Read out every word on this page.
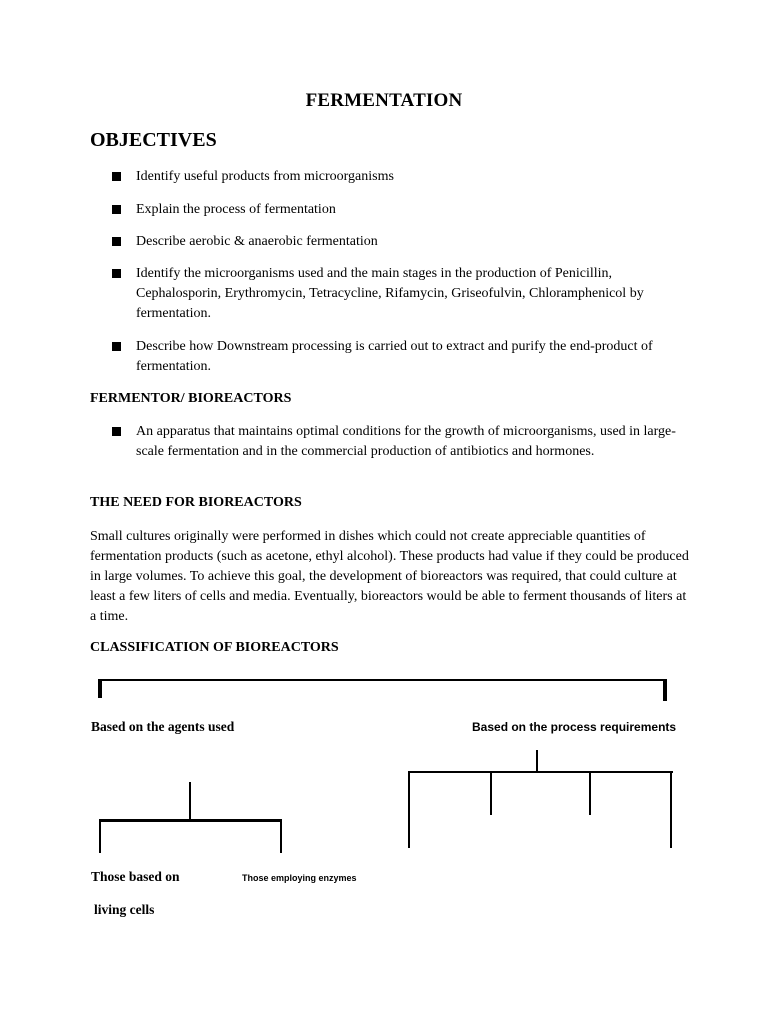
FERMENTATION
OBJECTIVES
Identify useful products from microorganisms
Explain the process of fermentation
Describe aerobic & anaerobic fermentation
Identify the microorganisms used and the main stages in the production of Penicillin, Cephalosporin, Erythromycin, Tetracycline, Rifamycin, Griseofulvin, Chloramphenicol by fermentation.
Describe how Downstream processing is carried out to extract and purify the end-product of fermentation.
FERMENTOR/ BIOREACTORS
An apparatus that maintains optimal conditions for the growth of microorganisms, used in large-scale fermentation and in the commercial production of antibiotics and hormones.
THE NEED FOR BIOREACTORS
Small cultures originally were performed in dishes which could not create appreciable quantities of fermentation products (such as acetone, ethyl alcohol). These products had value if they could be produced in large volumes. To achieve this goal, the development of bioreactors was required, that could culture at least a few liters of cells and media. Eventually, bioreactors would be able to ferment thousands of liters at a time.
CLASSIFICATION OF BIOREACTORS
Based on the agents used	Based on the process requirements
Those based on
living cells
Those employing enzymes
